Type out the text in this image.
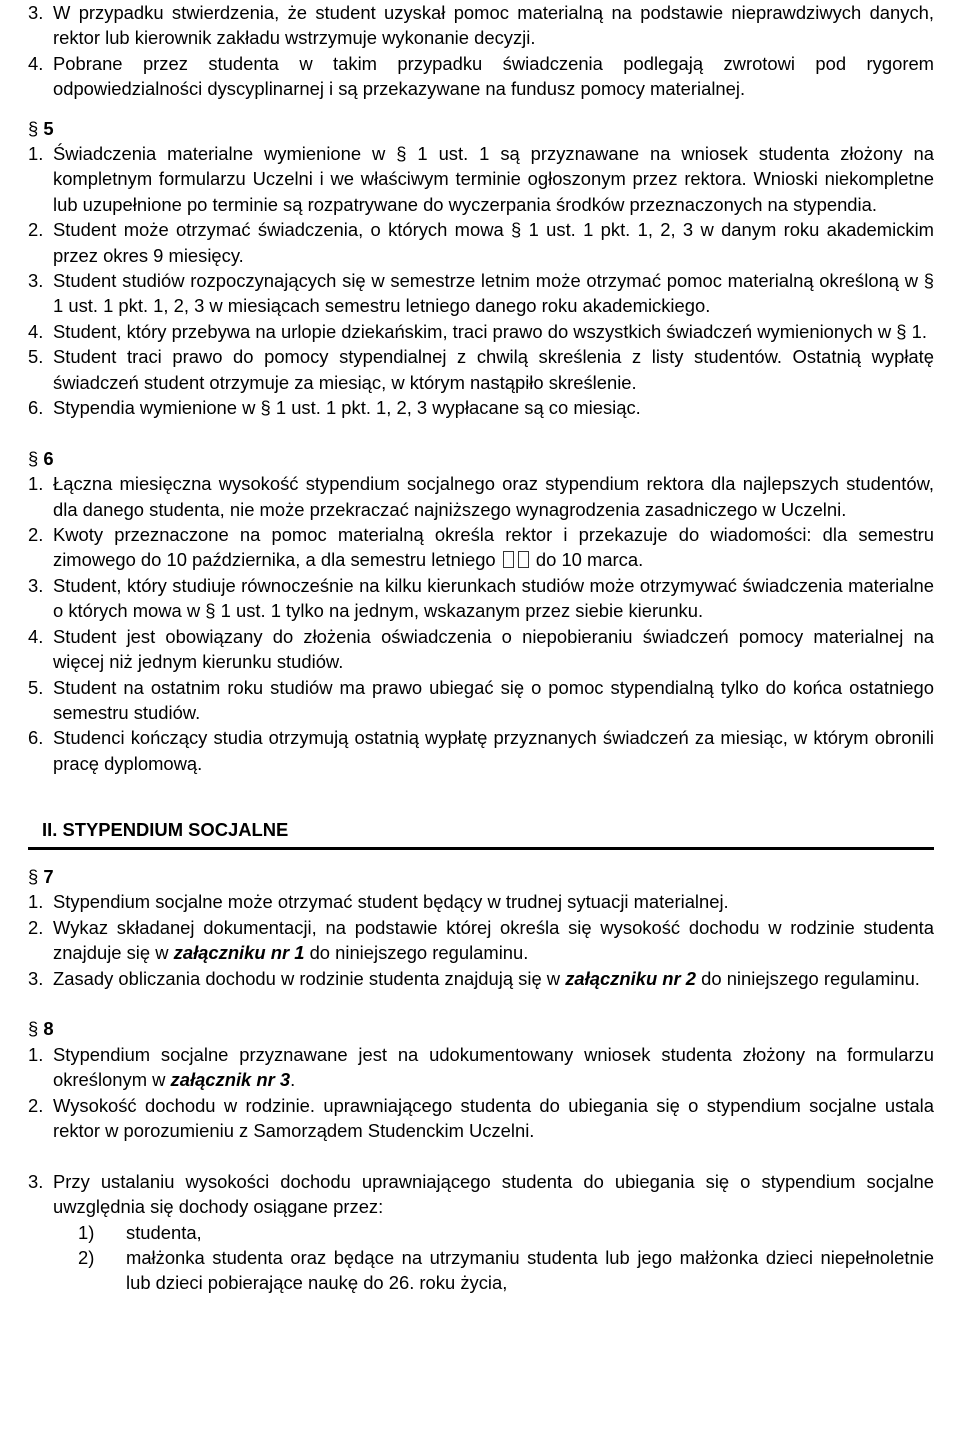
3. W przypadku stwierdzenia, że student uzyskał pomoc materialną na podstawie nieprawdziwych danych, rektor lub kierownik zakładu wstrzymuje wykonanie decyzji.
4. Pobrane przez studenta w takim przypadku świadczenia podlegają zwrotowi pod rygorem odpowiedzialności dyscyplinarnej i są przekazywane na fundusz pomocy materialnej.
§ 5
1. Świadczenia materialne wymienione w § 1 ust. 1 są przyznawane na wniosek studenta złożony na kompletnym formularzu Uczelni i we właściwym terminie ogłoszonym przez rektora. Wnioski niekompletne lub uzupełnione po terminie są rozpatrywane do wyczerpania środków przeznaczonych na stypendia.
2. Student może otrzymać świadczenia, o których mowa § 1 ust. 1 pkt. 1, 2, 3 w danym roku akademickim przez okres 9 miesięcy.
3. Student studiów rozpoczynających się w semestrze letnim może otrzymać pomoc materialną określoną w § 1 ust. 1 pkt. 1, 2, 3 w miesiącach semestru letniego danego roku akademickiego.
4. Student, który przebywa na urlopie dziekańskim, traci prawo do wszystkich świadczeń wymienionych w § 1.
5. Student traci prawo do pomocy stypendialnej z chwilą skreślenia z listy studentów. Ostatnią wypłatę świadczeń student otrzymuje za miesiąc, w którym nastąpiło skreślenie.
6. Stypendia wymienione w § 1 ust. 1 pkt. 1, 2, 3 wypłacane są co miesiąc.
§ 6
1. Łączna miesięczna wysokość stypendium socjalnego oraz stypendium rektora dla najlepszych studentów, dla danego studenta, nie może przekraczać najniższego wynagrodzenia zasadniczego w Uczelni.
2. Kwoty przeznaczone na pomoc materialną określa rektor i przekazuje do wiadomości: dla semestru zimowego do 10 października, a dla semestru letniego  do 10 marca.
3. Student, który studiuje równocześnie na kilku kierunkach studiów może otrzymywać świadczenia materialne o których mowa w § 1 ust. 1 tylko na jednym, wskazanym przez siebie kierunku.
4. Student jest obowiązany do złożenia oświadczenia o niepobieraniu świadczeń pomocy materialnej na więcej niż jednym kierunku studiów.
5. Student na ostatnim roku studiów ma prawo ubiegać się o pomoc stypendialną tylko do końca ostatniego semestru studiów.
6. Studenci kończący studia otrzymują ostatnią wypłatę przyznanych świadczeń za miesiąc, w którym obronili pracę dyplomową.
II. STYPENDIUM SOCJALNE
§ 7
1. Stypendium socjalne może otrzymać student będący w trudnej sytuacji materialnej.
2. Wykaz składanej dokumentacji, na podstawie której określa się wysokość dochodu w rodzinie studenta znajduje się w załączniku nr 1 do niniejszego regulaminu.
3. Zasady obliczania dochodu w rodzinie studenta znajdują się w załączniku nr 2 do niniejszego regulaminu.
§ 8
1. Stypendium socjalne przyznawane jest na udokumentowany wniosek studenta złożony na formularzu określonym w załącznik nr 3.
2. Wysokość dochodu w rodzinie. uprawniającego studenta do ubiegania się o stypendium socjalne ustala rektor w porozumieniu z Samorządem Studenckim Uczelni.
3. Przy ustalaniu wysokości dochodu uprawniającego studenta do ubiegania się o stypendium socjalne uwzględnia się dochody osiągane przez:
1) studenta,
2) małżonka studenta oraz będące na utrzymaniu studenta lub jego małżonka dzieci niepełnoletnie lub dzieci pobierające naukę do 26. roku życia,
